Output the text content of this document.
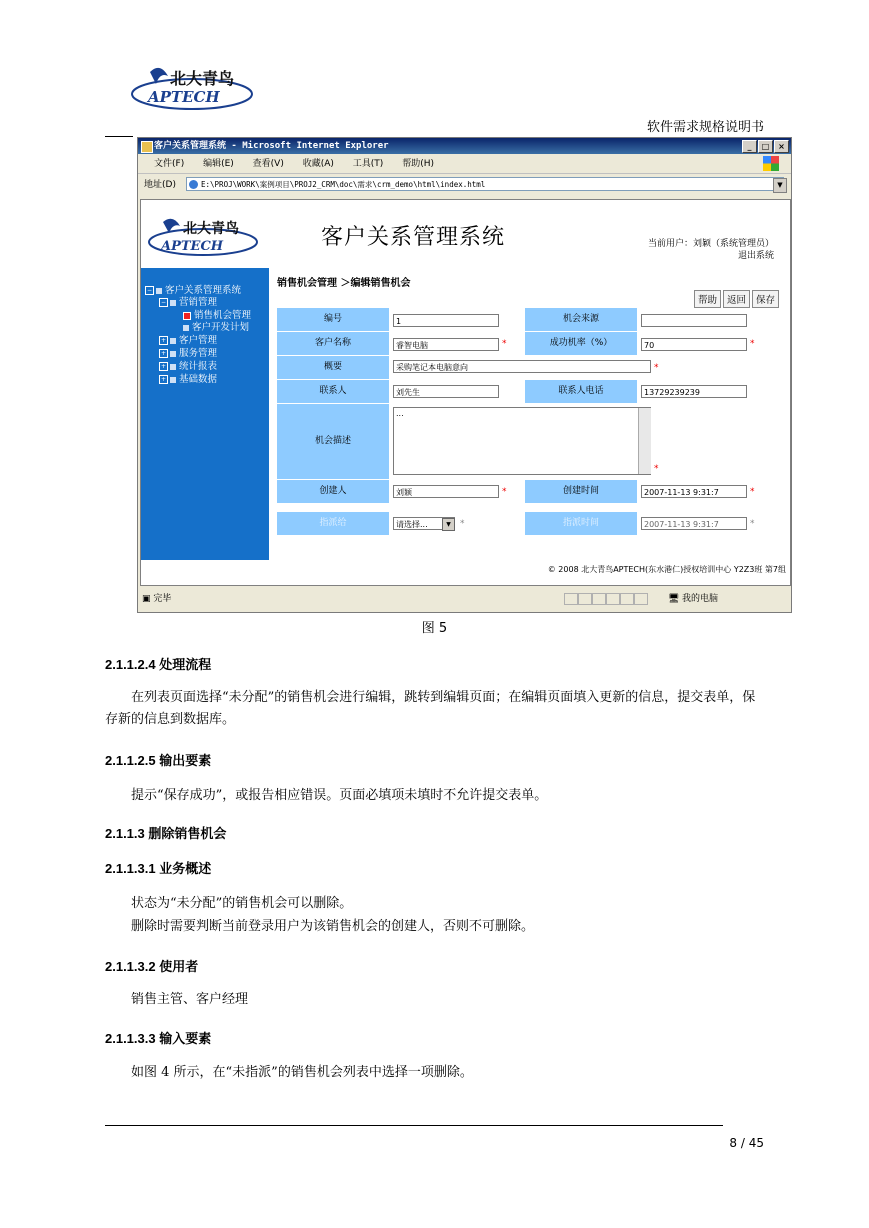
北大青鸟
APTECH
软件需求规格说明书
客户关系管理系统 - Microsoft Internet Explorer	_	□	×
文件(F) 编辑(E) 查看(V) 收藏(A) 工具(T) 帮助(H)
地址(D)	E:\PROJ\WORK\案例项目\PROJ2_CRM\doc\需求\crm_demo\html\index.html	▼
北大青鸟
APTECH	客户关系管理系统	当前用户：刘颖（系统管理员）
退出系统
− 客户关系管理系统
− 营销管理
销售机会管理
客户开发计划
+ 客户管理
+ 服务管理
+ 统计报表
+ 基础数据
销售机会管理 ＞编辑销售机会
帮助	返回	保存
编号	1	机会来源
客户名称	睿智电脑	*	成功机率（%）	70	*
概要	采购笔记本电脑意向	*
联系人	刘先生	联系人电话	13729239239
机会描述
...
*
创建人	刘颖	*	创建时间	2007-11-13 9:31:7	*
指派给	请选择...	▼	*	指派时间	2007-11-13 9:31:7	*
© 2008 北大青鸟APTECH(东水港仁)授权培训中心 Y2Z3班 第7组
▣ 完毕	🖥 我的电脑
图 5
2.1.1.2.4 处理流程
在列表页面选择“未分配”的销售机会进行编辑，跳转到编辑页面；在编辑页面填入更新的信息，提交表单，保存新的信息到数据库。
2.1.1.2.5 输出要素
提示“保存成功”，或报告相应错误。页面必填项未填时不允许提交表单。
2.1.1.3 删除销售机会
2.1.1.3.1 业务概述
状态为“未分配”的销售机会可以删除。
删除时需要判断当前登录用户为该销售机会的创建人，否则不可删除。
2.1.1.3.2 使用者
销售主管、客户经理
2.1.1.3.3 输入要素
如图 4 所示，在“未指派”的销售机会列表中选择一项删除。
8 / 45
